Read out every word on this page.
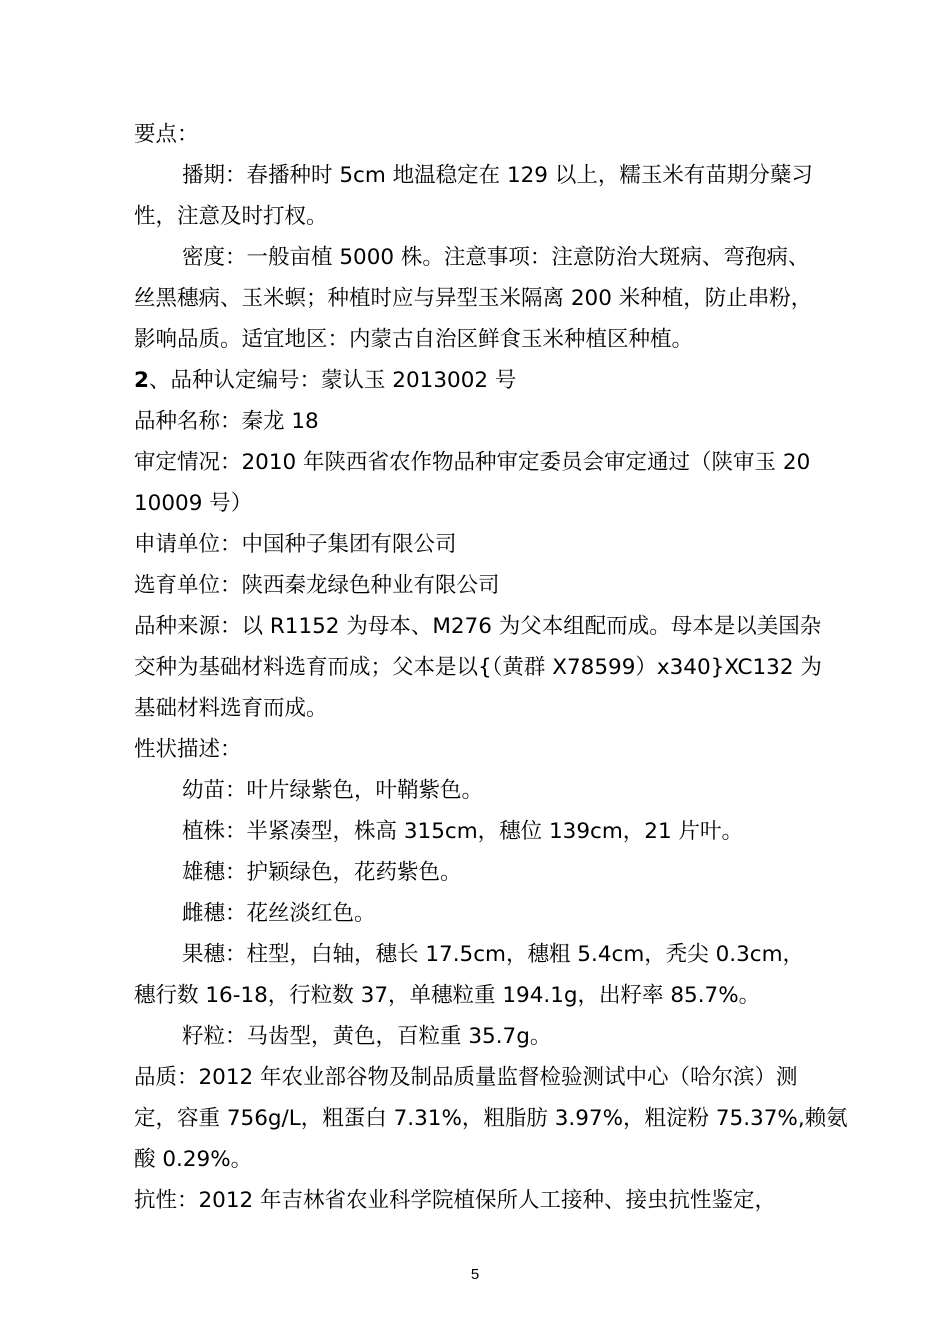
要点：
播期：春播种时 5cm 地温稳定在 129 以上，糯玉米有苗期分蘖习
性，注意及时打杈。
密度：一般亩植 5000 株。注意事项：注意防治大斑病、弯孢病、
丝黑穗病、玉米螟；种植时应与异型玉米隔离 200 米种植，防止串粉，
影响品质。适宜地区：内蒙古自治区鲜食玉米种植区种植。
2、品种认定编号：蒙认玉 2013002 号
品种名称：秦龙 18
审定情况：2010 年陕西省农作物品种审定委员会审定通过（陕审玉 20
10009 号）
申请单位：中国种子集团有限公司
选育单位：陕西秦龙绿色种业有限公司
品种来源：以 R1152 为母本、M276 为父本组配而成。母本是以美国杂
交种为基础材料选育而成；父本是以{（黄群 X78599）x340}XC132 为
基础材料选育而成。
性状描述：
幼苗：叶片绿紫色，叶鞘紫色。
植株：半紧凑型，株高 315cm，穗位 139cm，21 片叶。
雄穗：护颖绿色，花药紫色。
雌穗：花丝淡红色。
果穗：柱型，白轴，穗长 17.5cm，穗粗 5.4cm，秃尖 0.3cm，
穗行数 16-18，行粒数 37，单穗粒重 194.1g，出籽率 85.7%。
籽粒：马齿型，黄色，百粒重 35.7g。
品质：2012 年农业部谷物及制品质量监督检验测试中心（哈尔滨）测
定，容重 756g/L，粗蛋白 7.31%，粗脂肪 3.97%，粗淀粉 75.37%,赖氨
酸 0.29%。
抗性：2012 年吉林省农业科学院植保所人工接种、接虫抗性鉴定，
5
